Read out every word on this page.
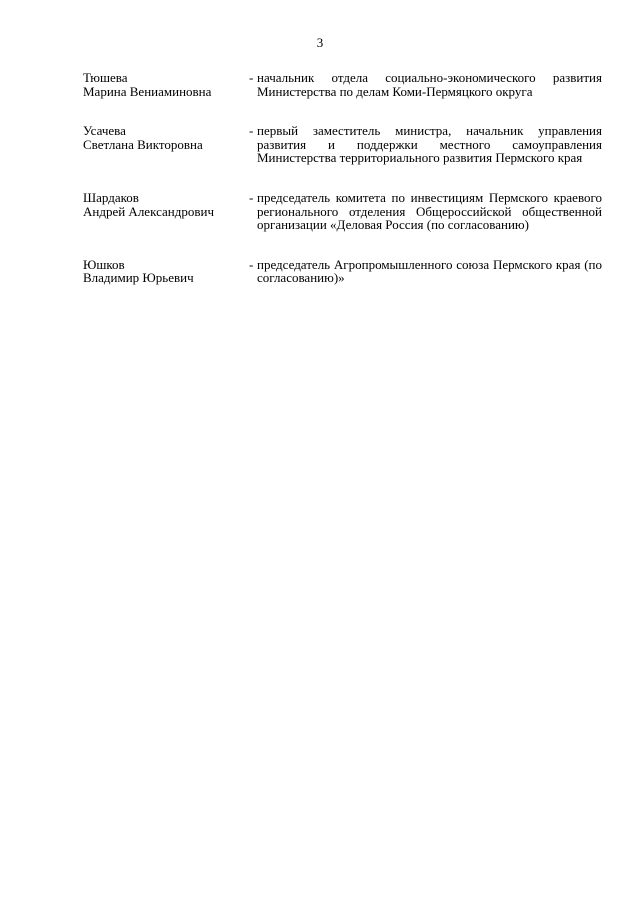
3
Тюшева
Марина Вениаминовна
- начальник отдела социально-экономического развития Министерства по делам Коми-Пермяцкого округа
Усачева
Светлана Викторовна
- первый заместитель министра, начальник управления развития и поддержки местного самоуправления Министерства территориального развития Пермского края
Шардаков
Андрей Александрович
- председатель комитета по инвестициям Пермского краевого регионального отделения Общероссийской общественной организации «Деловая Россия (по согласованию)
Юшков
Владимир Юрьевич
- председатель Агропромышленного союза Пермского края (по согласованию)»
